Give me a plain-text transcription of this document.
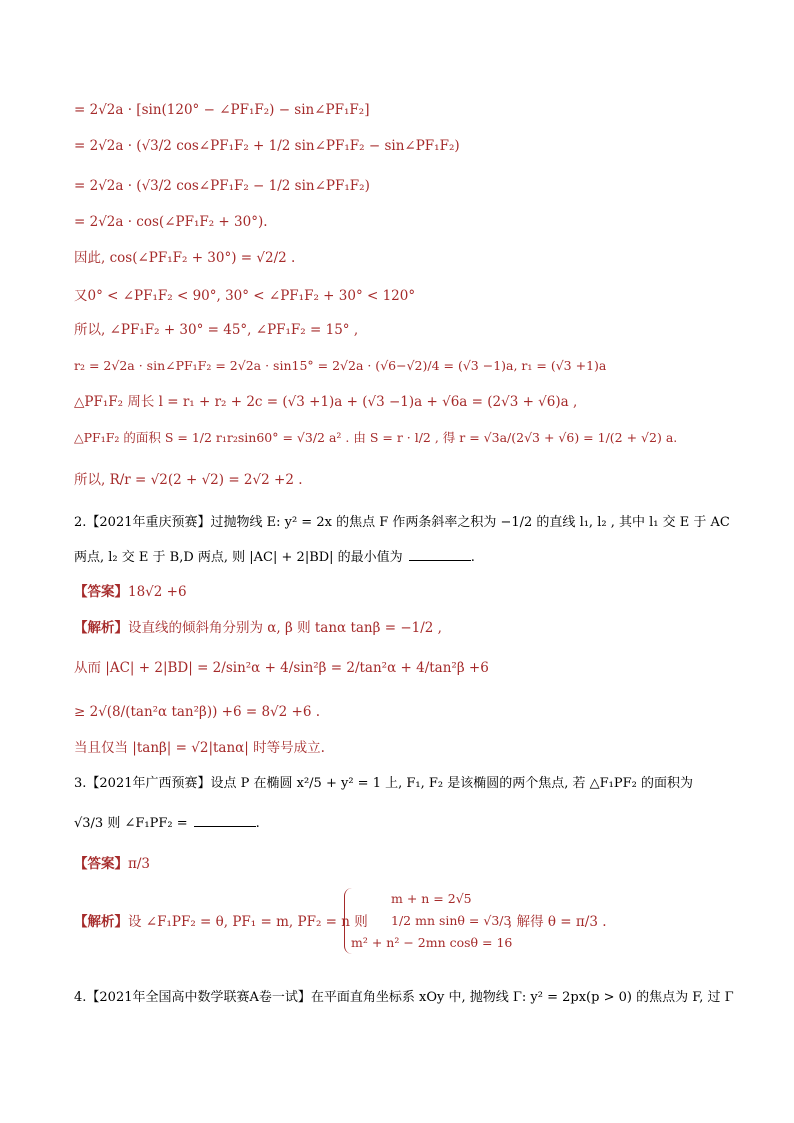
= 2√2a · [sin(120° − ∠PF₁F₂) − sin∠PF₁F₂]
= 2√2a · (√3/2 cos∠PF₁F₂ + 1/2 sin∠PF₁F₂ − sin∠PF₁F₂)
= 2√2a · (√3/2 cos∠PF₁F₂ − 1/2 sin∠PF₁F₂)
= 2√2a · cos(∠PF₁F₂ + 30°).
因此, cos(∠PF₁F₂ + 30°) = √2/2 .
又0° < ∠PF₁F₂ < 90°, 30° < ∠PF₁F₂ + 30° < 120°
所以, ∠PF₁F₂ + 30° = 45°, ∠PF₁F₂ = 15° ,
r₂ = 2√2a · sin∠PF₁F₂ = 2√2a · sin15° = 2√2a · (√6−√2)/4 = (√3 −1)a, r₁ = (√3 +1)a
△PF₁F₂ 周长 l = r₁ + r₂ + 2c = (√3 +1)a + (√3 −1)a + √6a = (2√3 + √6)a ,
△PF₁F₂ 的面积 S = 1/2 r₁r₂sin60° = √3/2 a² . 由 S = r · l/2 , 得 r = √3a/(2√3 + √6) = 1/(2 + √2) a.
所以, R/r = √2(2 + √2) = 2√2 +2 .
2.【2021年重庆预赛】过抛物线 E: y² = 2x 的焦点 F 作两条斜率之积为 −1/2 的直线 l₁, l₂ , 其中 l₁ 交 E 于 AC
两点, l₂ 交 E 于 B,D 两点, 则 |AC| + 2|BD| 的最小值为	.
【答案】18√2 +6
【解析】设直线的倾斜角分别为 α, β 则 tanα tanβ = −1/2 ,
从而 |AC| + 2|BD| = 2/sin²α + 4/sin²β = 2/tan²α + 4/tan²β +6
≥ 2√(8/(tan²α tan²β)) +6 = 8√2 +6 .
当且仅当 |tanβ| = √2|tanα| 时等号成立.
3.【2021年广西预赛】设点 P 在椭圆 x²/5 + y² = 1 上, F₁, F₂ 是该椭圆的两个焦点, 若 △F₁PF₂ 的面积为
√3/3 则 ∠F₁PF₂ =	.
【答案】π/3
【解析】设 ∠F₁PF₂ = θ, PF₁ = m, PF₂ = n 则
m + n = 2√5
1/2 mn sinθ = √3/3
m² + n² − 2mn cosθ = 16
, 解得 θ = π/3 .
4.【2021年全国高中数学联赛A卷一试】在平面直角坐标系 xOy 中, 抛物线 Γ: y² = 2px(p > 0) 的焦点为 F, 过 Γ
